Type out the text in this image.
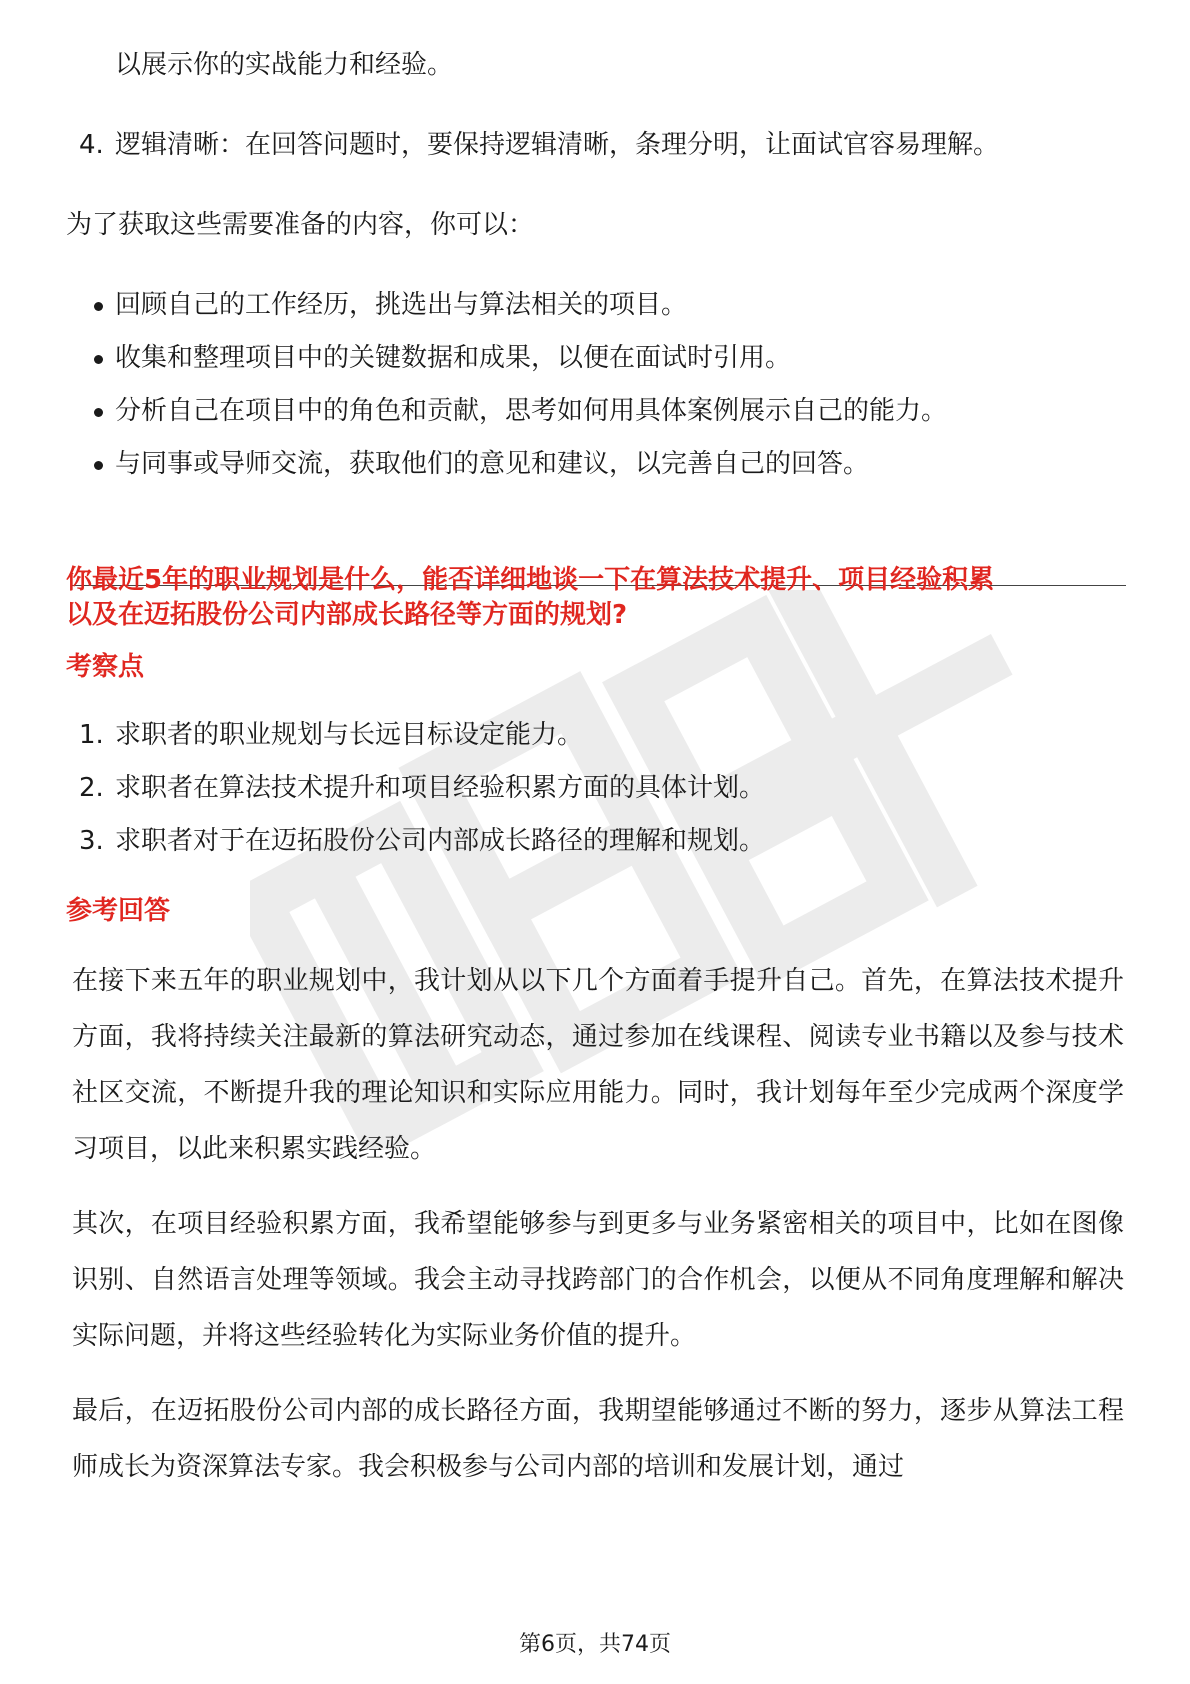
以展示你的实战能力和经验。
4. 逻辑清晰：在回答问题时，要保持逻辑清晰，条理分明，让面试官容易理解。
为了获取这些需要准备的内容，你可以：
回顾自己的工作经历，挑选出与算法相关的项目。
收集和整理项目中的关键数据和成果，以便在面试时引用。
分析自己在项目中的角色和贡献，思考如何用具体案例展示自己的能力。
与同事或导师交流，获取他们的意见和建议，以完善自己的回答。
你最近5年的职业规划是什么，能否详细地谈一下在算法技术提升、项目经验积累
以及在迈拓股份公司内部成长路径等方面的规划?
考察点
1. 求职者的职业规划与长远目标设定能力。
2. 求职者在算法技术提升和项目经验积累方面的具体计划。
3. 求职者对于在迈拓股份公司内部成长路径的理解和规划。
参考回答
在接下来五年的职业规划中，我计划从以下几个方面着手提升自己。首先，在算法技术提升方面，我将持续关注最新的算法研究动态，通过参加在线课程、阅读专业书籍以及参与技术社区交流，不断提升我的理论知识和实际应用能力。同时，我计划每年至少完成两个深度学习项目，以此来积累实践经验。
其次，在项目经验积累方面，我希望能够参与到更多与业务紧密相关的项目中，比如在图像识别、自然语言处理等领域。我会主动寻找跨部门的合作机会，以便从不同角度理解和解决实际问题，并将这些经验转化为实际业务价值的提升。
最后，在迈拓股份公司内部的成长路径方面，我期望能够通过不断的努力，逐步从算法工程师成长为资深算法专家。我会积极参与公司内部的培训和发展计划，通过
第6页，共74页
